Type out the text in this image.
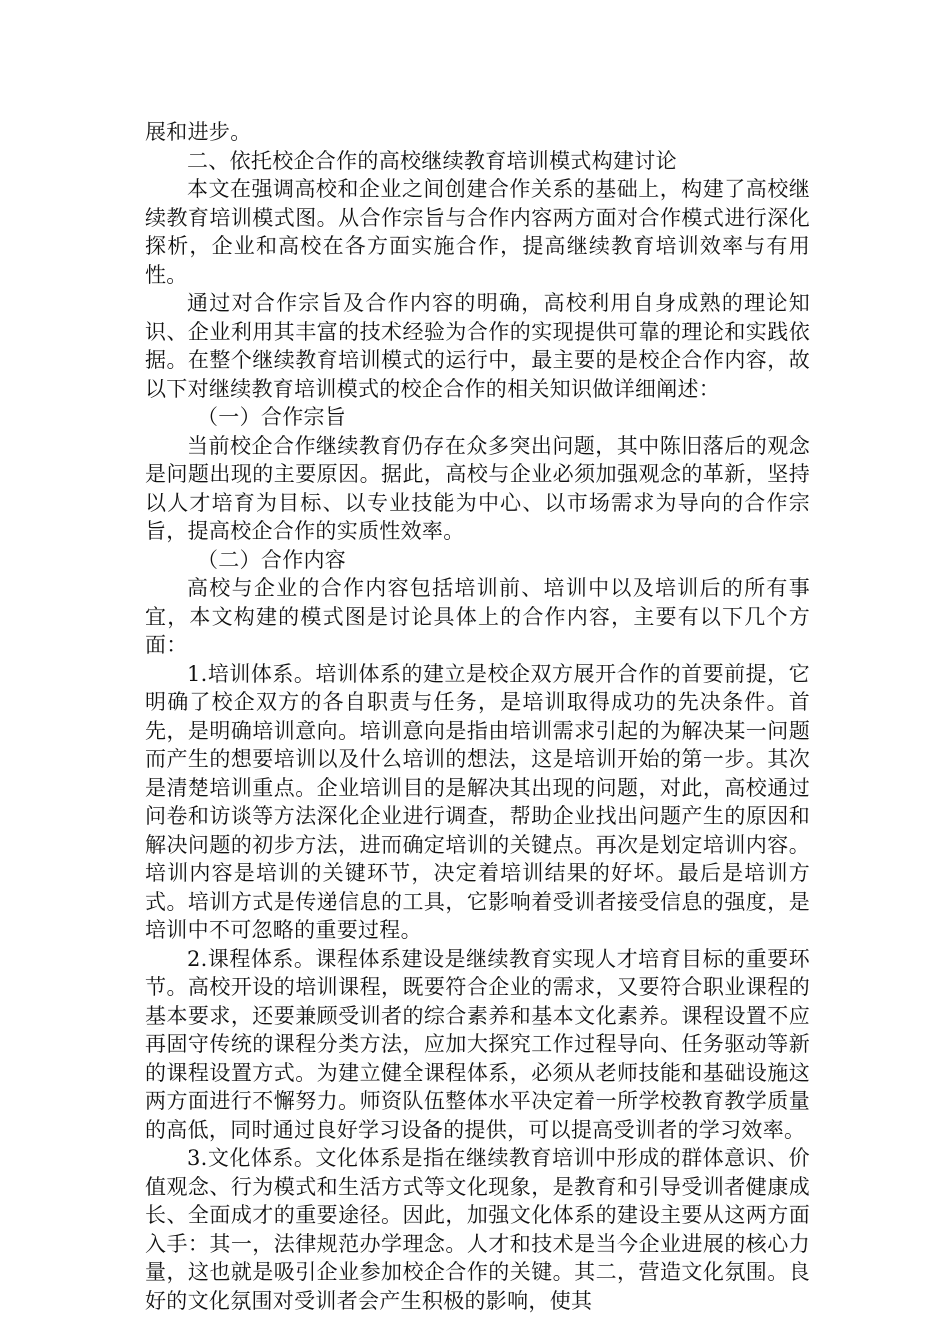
展和进步。

二、依托校企合作的高校继续教育培训模式构建讨论

本文在强调高校和企业之间创建合作关系的基础上，构建了高校继续教育培训模式图。从合作宗旨与合作内容两方面对合作模式进行深化探析，企业和高校在各方面实施合作，提高继续教育培训效率与有用性。

通过对合作宗旨及合作内容的明确，高校利用自身成熟的理论知识、企业利用其丰富的技术经验为合作的实现提供可靠的理论和实践依据。在整个继续教育培训模式的运行中，最主要的是校企合作内容，故以下对继续教育培训模式的校企合作的相关知识做详细阐述：

（一）合作宗旨

当前校企合作继续教育仍存在众多突出问题，其中陈旧落后的观念是问题出现的主要原因。据此，高校与企业必须加强观念的革新，坚持以人才培育为目标、以专业技能为中心、以市场需求为导向的合作宗旨，提高校企合作的实质性效率。

（二）合作内容

高校与企业的合作内容包括培训前、培训中以及培训后的所有事宜，本文构建的模式图是讨论具体上的合作内容，主要有以下几个方面：

1.培训体系。培训体系的建立是校企双方展开合作的首要前提，它明确了校企双方的各自职责与任务，是培训取得成功的先决条件。首先，是明确培训意向。培训意向是指由培训需求引起的为解决某一问题而产生的想要培训以及什么培训的想法，这是培训开始的第一步。其次是清楚培训重点。企业培训目的是解决其出现的问题，对此，高校通过问卷和访谈等方法深化企业进行调查，帮助企业找出问题产生的原因和解决问题的初步方法，进而确定培训的关键点。再次是划定培训内容。培训内容是培训的关键环节，决定着培训结果的好坏。最后是培训方式。培训方式是传递信息的工具，它影响着受训者接受信息的强度，是培训中不可忽略的重要过程。

2.课程体系。课程体系建设是继续教育实现人才培育目标的重要环节。高校开设的培训课程，既要符合企业的需求，又要符合职业课程的基本要求，还要兼顾受训者的综合素养和基本文化素养。课程设置不应再固守传统的课程分类方法，应加大探究工作过程导向、任务驱动等新的课程设置方式。为建立健全课程体系，必须从老师技能和基础设施这两方面进行不懈努力。师资队伍整体水平决定着一所学校教育教学质量的高低，同时通过良好学习设备的提供，可以提高受训者的学习效率。

3.文化体系。文化体系是指在继续教育培训中形成的群体意识、价值观念、行为模式和生活方式等文化现象，是教育和引导受训者健康成长、全面成才的重要途径。因此，加强文化体系的建设主要从这两方面入手：其一，法律规范办学理念。人才和技术是当今企业进展的核心力量，这也就是吸引企业参加校企合作的关键。其二，营造文化氛围。良好的文化氛围对受训者会产生积极的影响，使其
